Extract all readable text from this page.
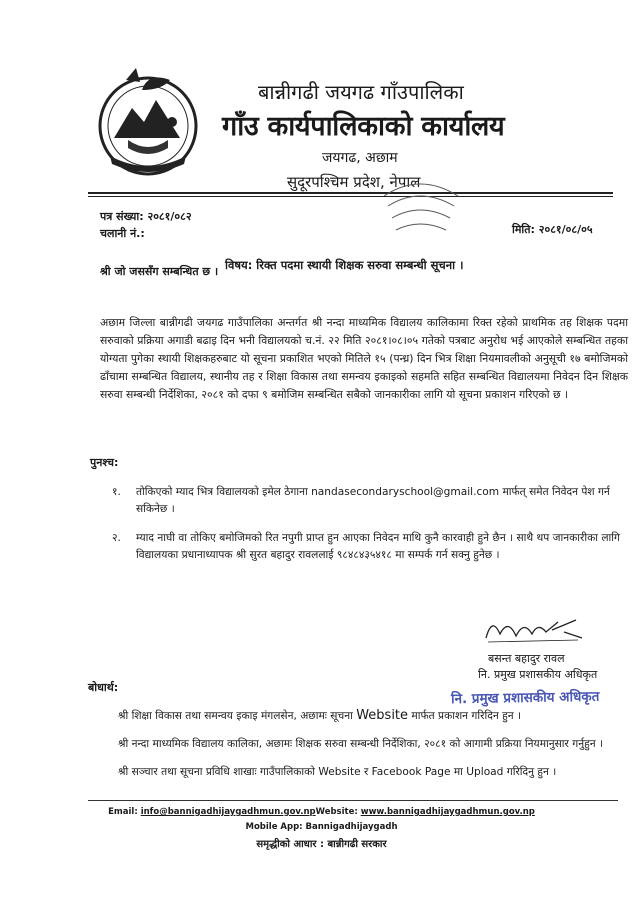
बान्नीगढी जयगढ गाँउपालिका
गाँउ कार्यपालिकाको कार्यालय
जयगढ, अछाम
सुदूरपश्चिम प्रदेश, नेपाल
पत्र संख्या: २०८१/०८२
चलानी नं.:	मिति: २०८१/०८/०५
विषय: रिक्त पदमा स्थायी शिक्षक सरुवा सम्बन्धी सूचना ।
श्री जो जससँग सम्बन्धित छ ।
अछाम जिल्ला बान्नीगढी जयगढ गाउँपालिका अन्तर्गत श्री नन्दा माध्यमिक विद्यालय कालिकामा रिक्त रहेको प्राथमिक तह शिक्षक पदमा सरुवाको प्रक्रिया अगाडी बढाइ दिन भनी विद्यालयको च.नं. २२ मिति २०८१।०८।०५ गतेको पत्रबाट अनुरोध भई आएकोले सम्बन्धित तहका योग्यता पुगेका स्थायी शिक्षकहरुबाट यो सूचना प्रकाशित भएको मितिले १५ (पन्ध्र) दिन भित्र शिक्षा नियमावलीको अनुसूची १७ बमोजिमको ढाँचामा सम्बन्धित विद्यालय, स्थानीय तह र शिक्षा विकास तथा समन्वय इकाइको सहमति सहित सम्बन्धित विद्यालयमा निवेदन दिन शिक्षक सरुवा सम्बन्धी निर्देशिका, २०८१ को दफा ९ बमोजिम सम्बन्धित सबैको जानकारीका लागि यो सूचना प्रकाशन गरिएको छ ।
पुनश्च:
१. तोकिएको म्याद भित्र विद्यालयको इमेल ठेगाना nandasecondaryschool@gmail.com मार्फत् समेत निवेदन पेश गर्न सकिनेछ ।
२. म्याद नाघी वा तोकिए बमोजिमको रित नपुगी प्राप्त हुन आएका निवेदन माथि कुनै कारवाही हुने छैन । साथै थप जानकारीका लागि विद्यालयका प्रधानाध्यापक श्री सुरत बहादुर रावललाई ९८४८४३५४१८ मा सम्पर्क गर्न सक्नु हुनेछ ।
बसन्त बहादुर रावल
नि. प्रमुख प्रशासकीय अधिकृत
बोधार्थ:
नि. प्रमुख प्रशासकीय अधिकृत
श्री शिक्षा विकास तथा समन्वय इकाइ मंगलसेन, अछामः सूचना Website मार्फत प्रकाशन गरिदिन हुन ।
श्री नन्दा माध्यमिक विद्यालय कालिका, अछामः शिक्षक सरुवा सम्बन्धी निर्देशिका, २०८१ को आगामी प्रक्रिया नियमानुसार गर्नुहुन ।
श्री सञ्चार तथा सूचना प्रविधि शाखाः गाउँपालिकाको Website र Facebook Page मा Upload गरिदिनु हुन ।
Email: info@bannigadhijaygadhmun.gov.npWebsite: www.bannigadhijaygadhmun.gov.np
Mobile App: Bannigadhijaygadh
समृद्धीको आधार : बान्नीगढी सरकार
